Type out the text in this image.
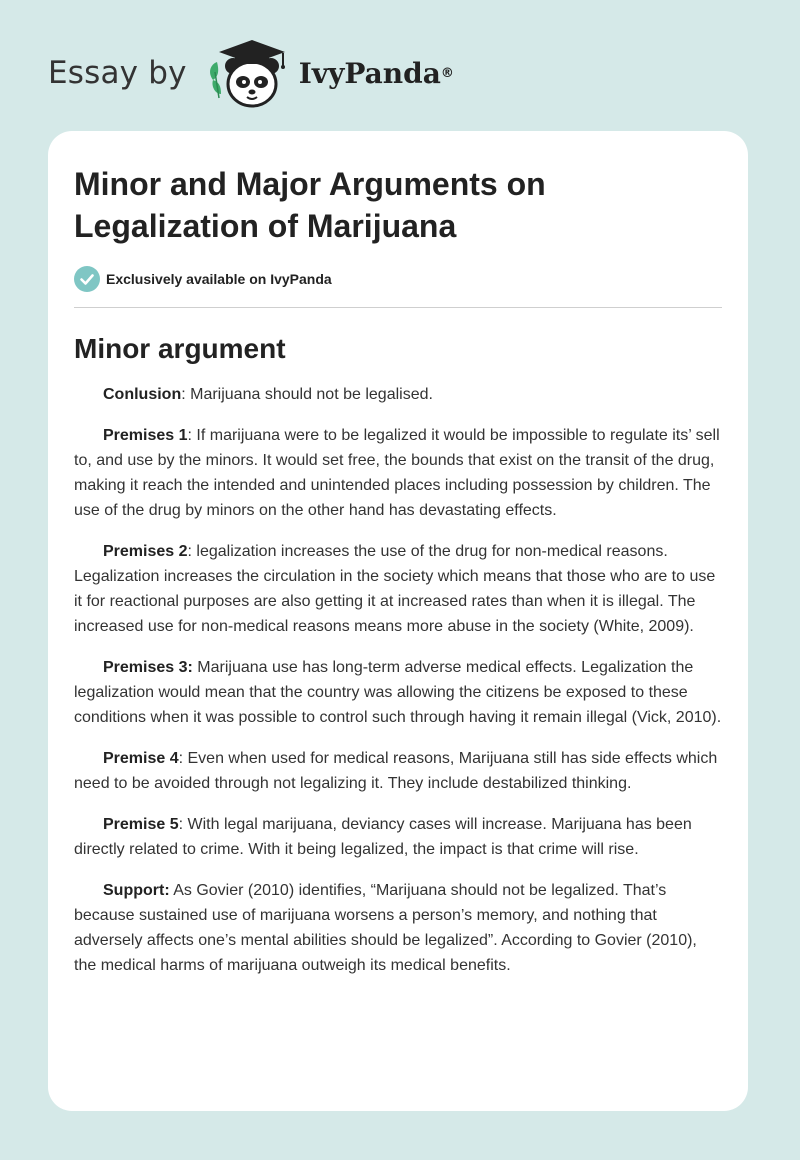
Essay by	IvyPanda ®
Minor and Major Arguments on Legalization of Marijuana
Exclusively available on IvyPanda
Minor argument

Conlusion: Marijuana should not be legalised.

Premises 1: If marijuana were to be legalized it would be impossible to regulate its’ sell to, and use by the minors. It would set free, the bounds that exist on the transit of the drug, making it reach the intended and unintended places including possession by children. The use of the drug by minors on the other hand has devastating effects.

Premises 2: legalization increases the use of the drug for non-medical reasons. Legalization increases the circulation in the society which means that those who are to use it for reactional purposes are also getting it at increased rates than when it is illegal. The increased use for non-medical reasons means more abuse in the society (White, 2009).

Premises 3: Marijuana use has long-term adverse medical effects. Legalization the legalization would mean that the country was allowing the citizens be exposed to these conditions when it was possible to control such through having it remain illegal (Vick, 2010).

Premise 4: Even when used for medical reasons, Marijuana still has side effects which need to be avoided through not legalizing it. They include destabilized thinking.

Premise 5: With legal marijuana, deviancy cases will increase. Marijuana has been directly related to crime. With it being legalized, the impact is that crime will rise.

Support: As Govier (2010) identifies, “Marijuana should not be legalized. That’s because sustained use of marijuana worsens a person’s memory, and nothing that adversely affects one’s mental abilities should be legalized”. According to Govier (2010), the medical harms of marijuana outweigh its medical benefits.
